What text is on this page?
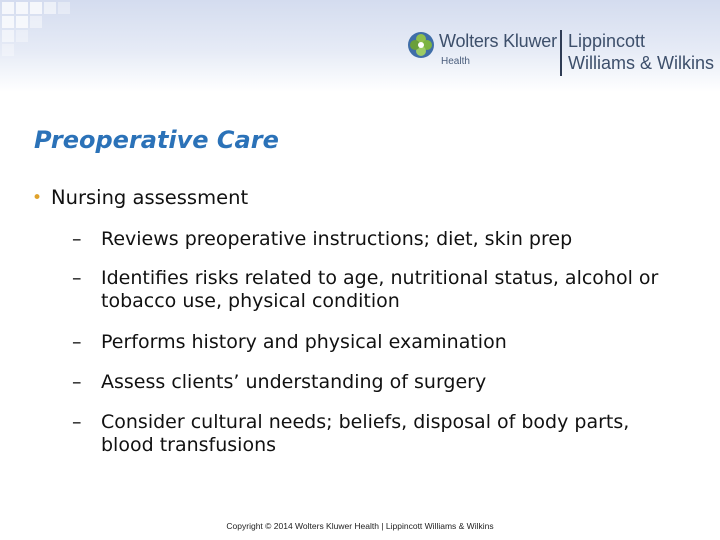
Wolters Kluwer
Health
Lippincott
Williams & Wilkins
Preoperative Care
• Nursing assessment
– Reviews preoperative instructions; diet, skin prep
– Identifies risks related to age, nutritional status, alcohol or tobacco use, physical condition
– Performs history and physical examination
– Assess clients’ understanding of surgery
– Consider cultural needs; beliefs, disposal of body parts, blood transfusions
Copyright © 2014 Wolters Kluwer Health | Lippincott Williams & Wilkins
